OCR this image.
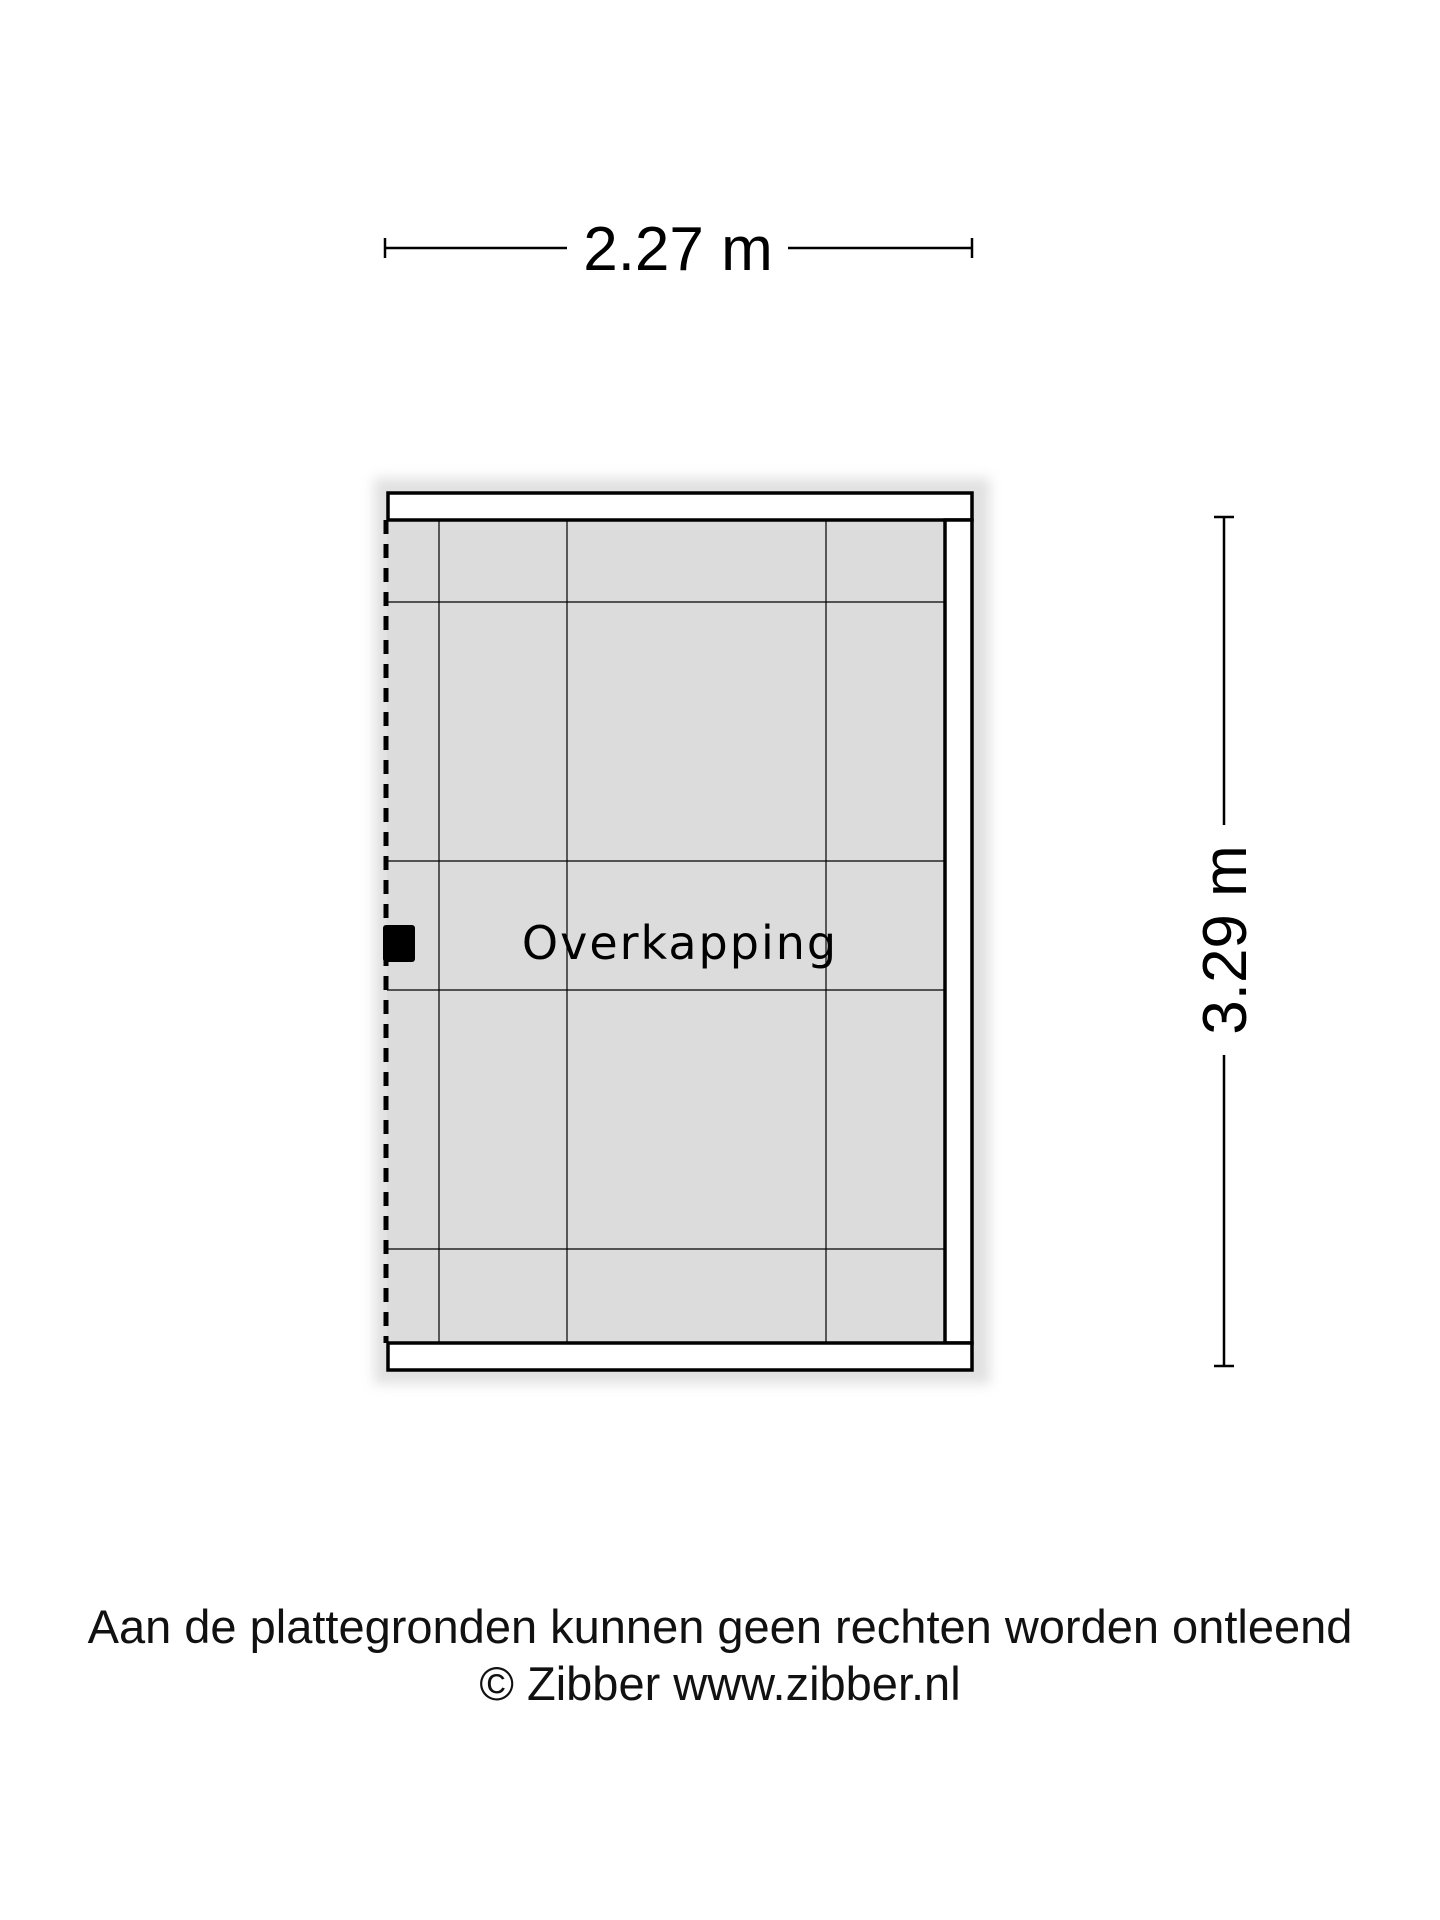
2.27 m
3.29 m
Overkapping
Aan de plattegronden kunnen geen rechten worden ontleend
© Zibber www.zibber.nl
